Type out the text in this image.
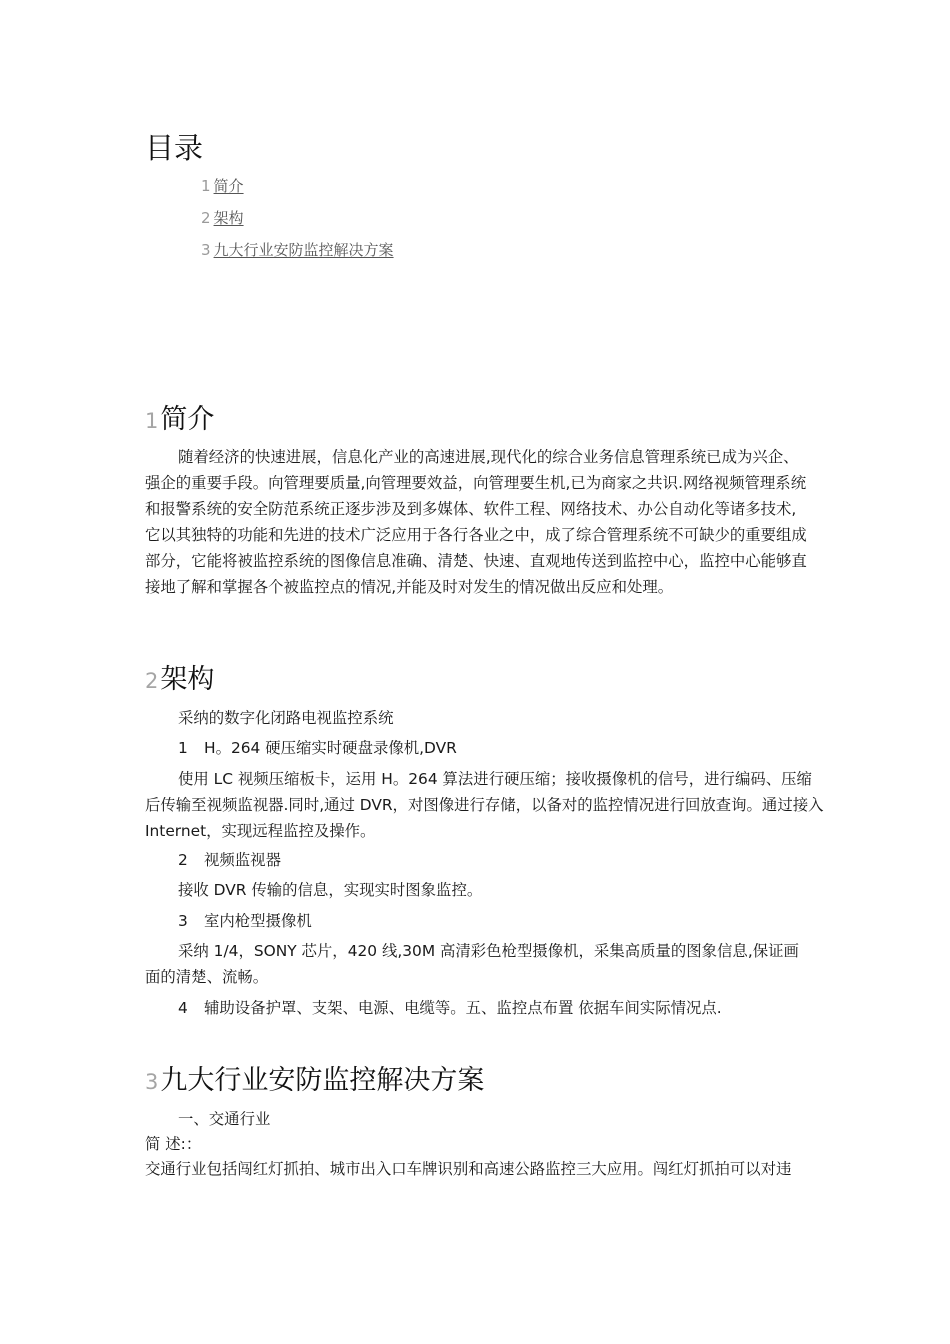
目录
1 简介
2 架构
3 九大行业安防监控解决方案
1简介

随着经济的快速进展，信息化产业的高速进展,现代化的综合业务信息管理系统已成为兴企、强企的重要手段。向管理要质量,向管理要效益，向管理要生机,已为商家之共识.网络视频管理系统和报警系统的安全防范系统正逐步涉及到多媒体、软件工程、网络技术、办公自动化等诸多技术,它以其独特的功能和先进的技术广泛应用于各行各业之中，成了综合管理系统不可缺少的重要组成部分，它能将被监控系统的图像信息准确、清楚、快速、直观地传送到监控中心，监控中心能够直接地了解和掌握各个被监控点的情况,并能及时对发生的情况做出反应和处理。

2架构

采纳的数字化闭路电视监控系统

1 H。264 硬压缩实时硬盘录像机,DVR

使用 LC 视频压缩板卡，运用 H。264 算法进行硬压缩；接收摄像机的信号，进行编码、压缩后传输至视频监视器.同时,通过 DVR，对图像进行存储，以备对的监控情况进行回放查询。通过接入 Internet，实现远程监控及操作。

2 视频监视器

接收 DVR 传输的信息，实现实时图象监控。

3 室内枪型摄像机

采纳 1/4，SONY 芯片，420 线,30M 高清彩色枪型摄像机，采集高质量的图象信息,保证画面的清楚、流畅。

4 辅助设备护罩、支架、电源、电缆等。五、监控点布置 依据车间实际情况点.

3九大行业安防监控解决方案

一、交通行业

简 述:：

交通行业包括闯红灯抓拍、城市出入口车牌识别和高速公路监控三大应用。闯红灯抓拍可以对违
